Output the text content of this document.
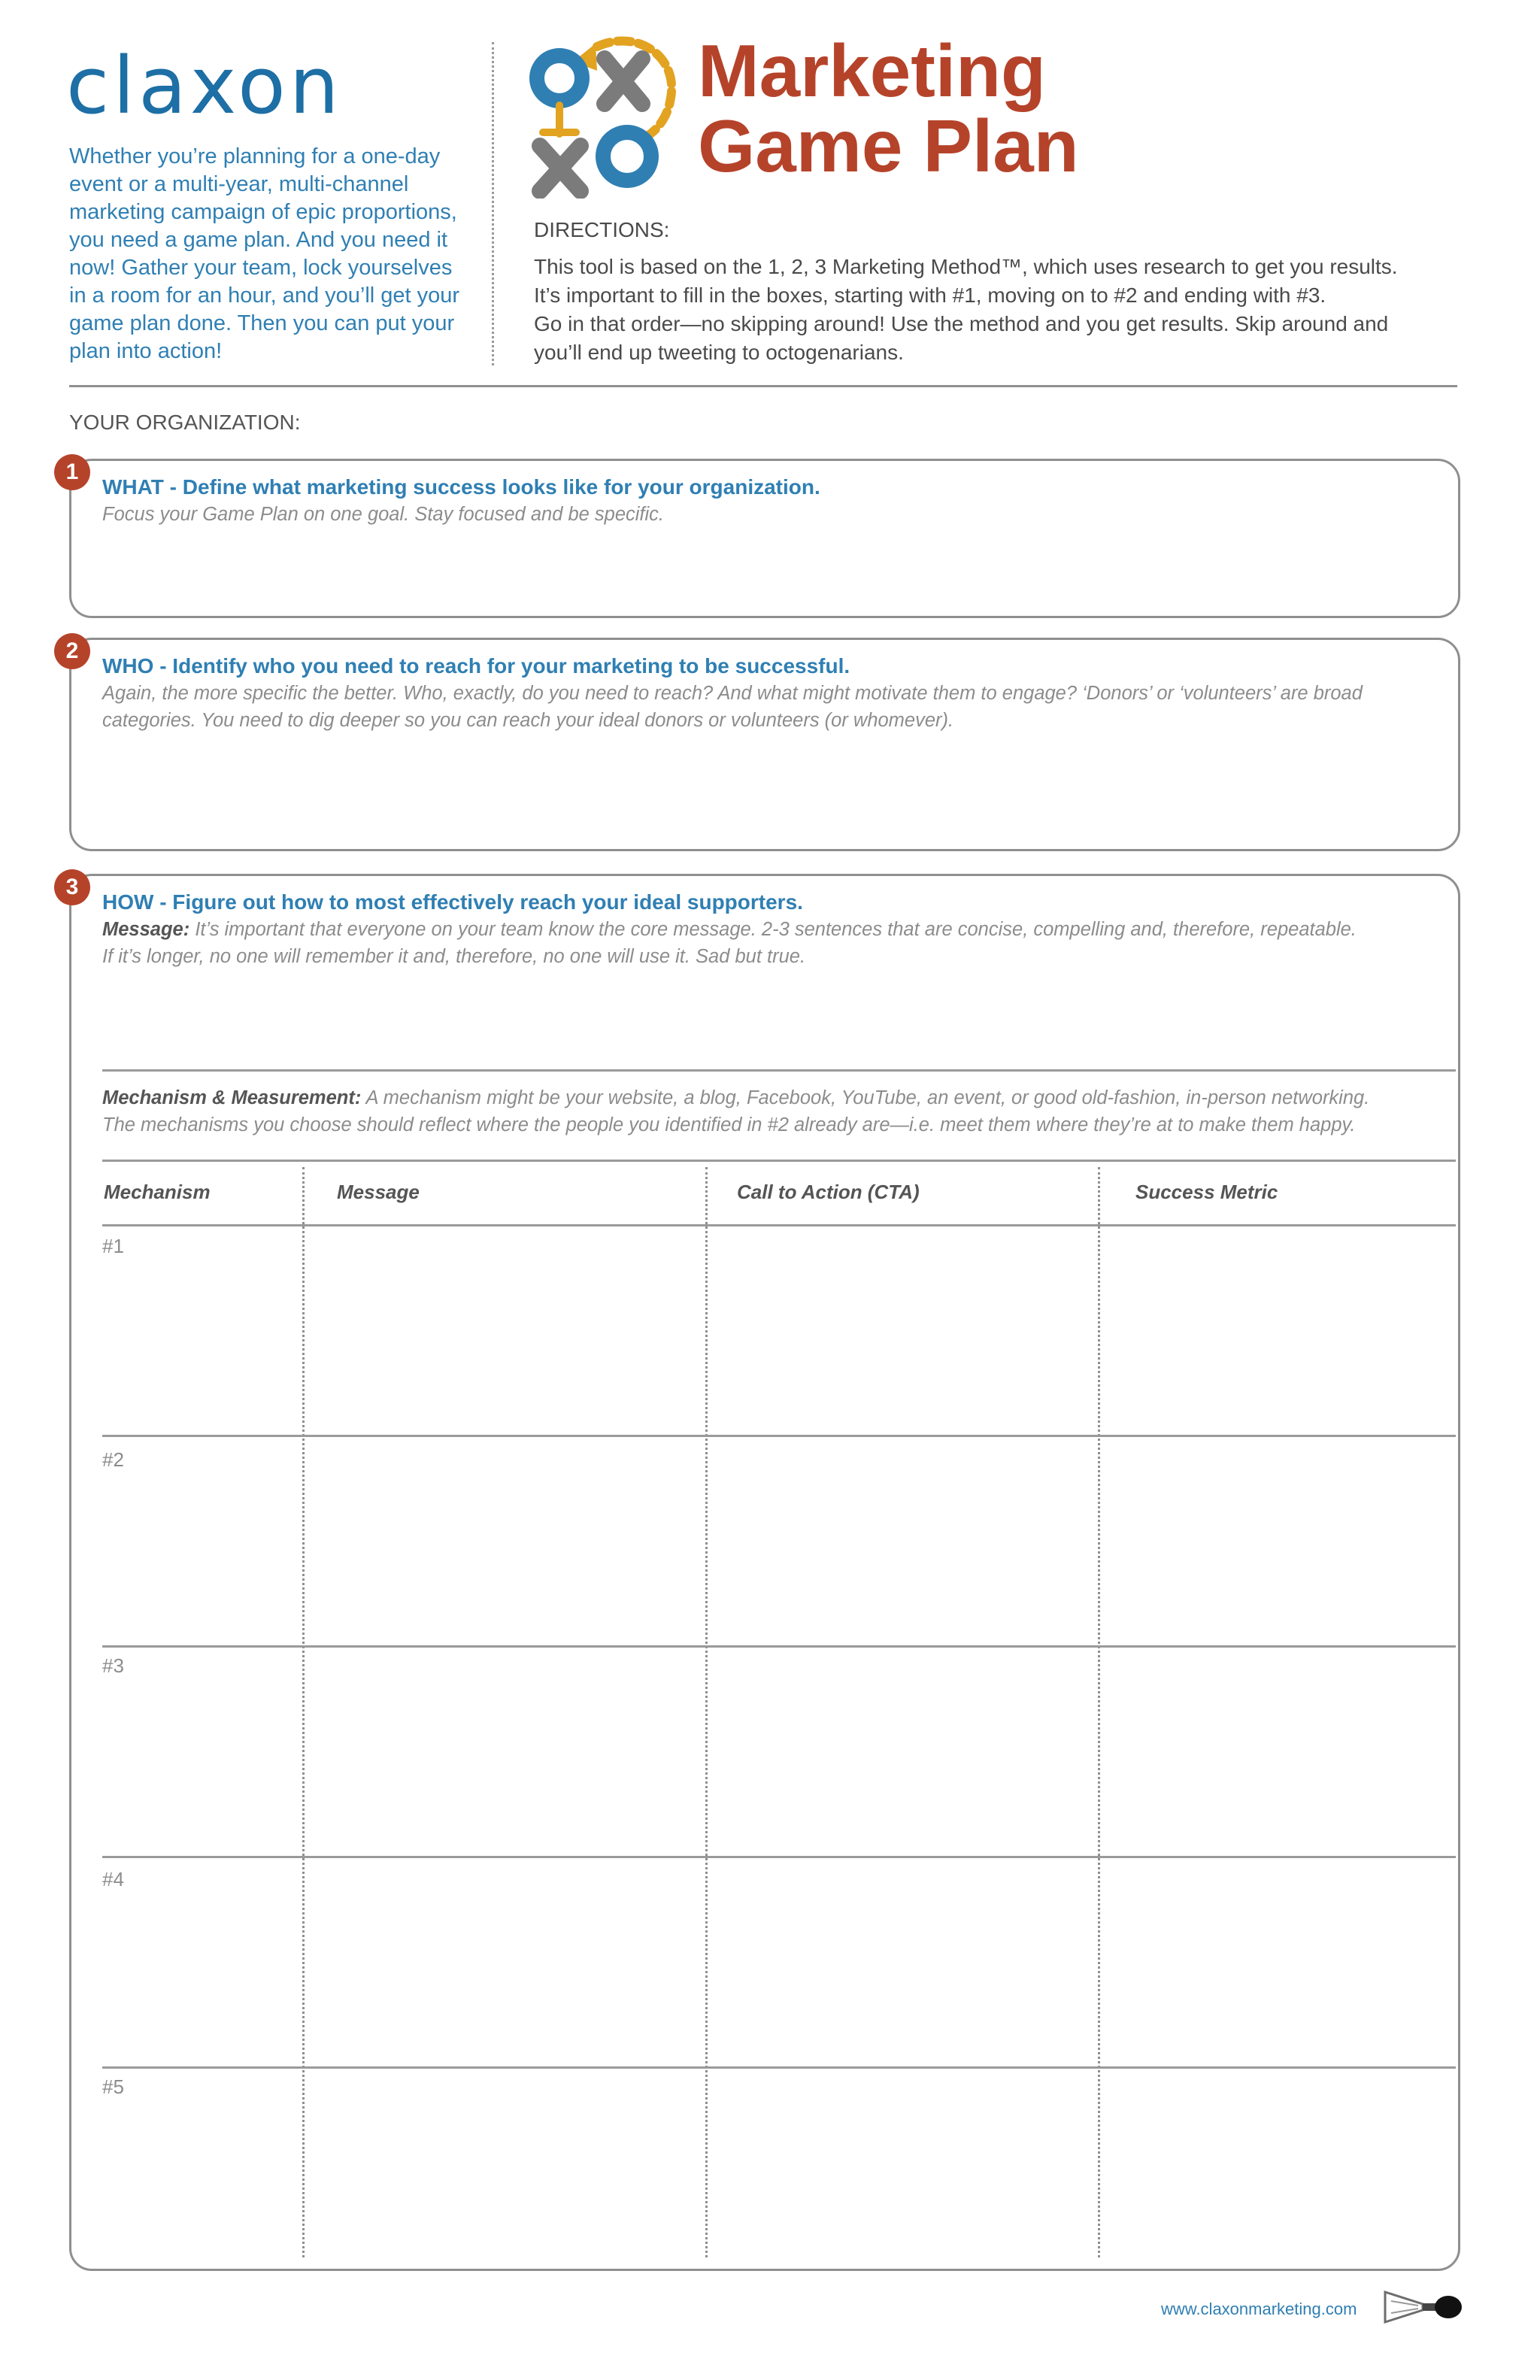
claxon
Whether you’re planning for a one-day
event or a multi-year, multi-channel
marketing campaign of epic proportions,
you need a game plan. And you need it
now! Gather your team, lock yourselves
in a room for an hour, and you’ll get your
game plan done. Then you can put your
plan into action!
Marketing
Game Plan
DIRECTIONS:
This tool is based on the 1, 2, 3 Marketing Method™, which uses research to get you results.
It’s important to fill in the boxes, starting with #1, moving on to #2 and ending with #3.
Go in that order—no skipping around! Use the method and you get results. Skip around and
you’ll end up tweeting to octogenarians.
YOUR ORGANIZATION:
1
WHAT - Define what marketing success looks like for your organization.
Focus your Game Plan on one goal. Stay focused and be specific.
2
WHO - Identify who you need to reach for your marketing to be successful.
Again, the more specific the better. Who, exactly, do you need to reach? And what might motivate them to engage? ‘Donors’ or ‘volunteers’ are broad
categories. You need to dig deeper so you can reach your ideal donors or volunteers (or whomever).
3
HOW - Figure out how to most effectively reach your ideal supporters.
Message: It’s important that everyone on your team know the core message. 2-3 sentences that are concise, compelling and, therefore, repeatable.
If it’s longer, no one will remember it and, therefore, no one will use it. Sad but true.
Mechanism & Measurement: A mechanism might be your website, a blog, Facebook, YouTube, an event, or good old-fashion, in-person networking.
The mechanisms you choose should reflect where the people you identified in #2 already are—i.e. meet them where they’re at to make them happy.
Mechanism	Message	Call to Action (CTA)	Success Metric
#1
#2
#3
#4
#5
www.claxonmarketing.com
